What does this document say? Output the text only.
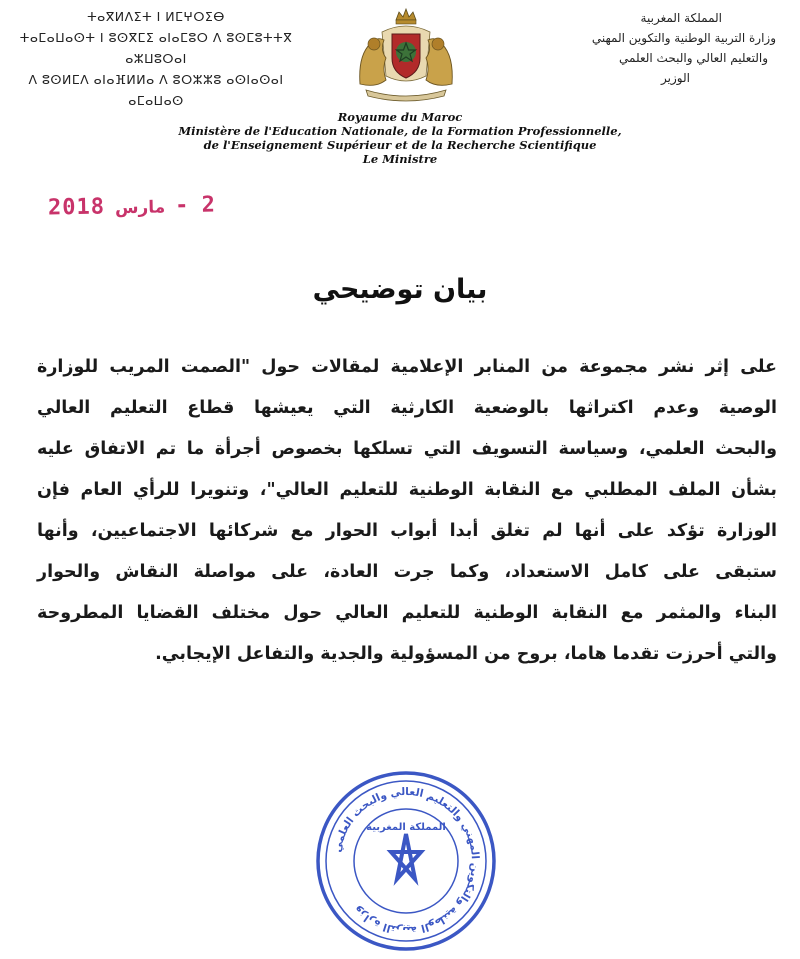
ⵜⴰⴳⵍⴷⵉⵜ ⵏ ⵍⵎⵖⵔⵉⴱ
ⵜⴰⵎⴰⵡⴰⵙⵜ ⵏ ⵓⵙⴳⵎⵉ ⴰⵏⴰⵎⵓⵔ ⴷ ⵓⵙⵎⵓⵜⵜⴳ ⴰⵣⵡⵓⵔⴰⵏ
ⴷ ⵓⵙⵍⵎⴷ ⴰⵏⴰⴼⵍⵍⴰ ⴷ ⵓⵔⵣⵣⵓ ⴰⵙⵏⴰⵙⴰⵏ
ⴰⵎⴰⵡⴰⵙ
المملكة المغربية
وزارة التربية الوطنية والتكوين المهني
والتعليم العالي والبحث العلمي
الوزير
Royaume du Maroc
Ministère de l'Education Nationale, de la Formation Professionnelle,
de l'Enseignement Supérieur et de la Recherche Scientifique
Le Ministre
2018 مارس - 2
بيان توضيحي
على إثر نشر مجموعة من المنابر الإعلامية لمقالات حول "الصمت المريب للوزارة
الوصية وعدم اكتراثها بالوضعية الكارثية التي يعيشها قطاع التعليم العالي
والبحث العلمي، وسياسة التسويف التي تسلكها بخصوص أجرأة ما تم الاتفاق عليه
بشأن الملف المطلبي مع النقابة الوطنية للتعليم العالي"، وتنويرا للرأي العام فإن
الوزارة تؤكد على أنها لم تغلق أبدا أبواب الحوار مع شركائها الاجتماعيين، وأنها
ستبقى على كامل الاستعداد، وكما جرت العادة، على مواصلة النقاش والحوار
البناء والمثمر مع النقابة الوطنية للتعليم العالي حول مختلف القضايا المطروحة
والتي أحرزت تقدما هاما، بروح من المسؤولية والجدية والتفاعل الإيجابي.
وزارة التربية الوطنية والتكوين المهني والتعليم العالي والبحث العلمي
المملكة المغربية
